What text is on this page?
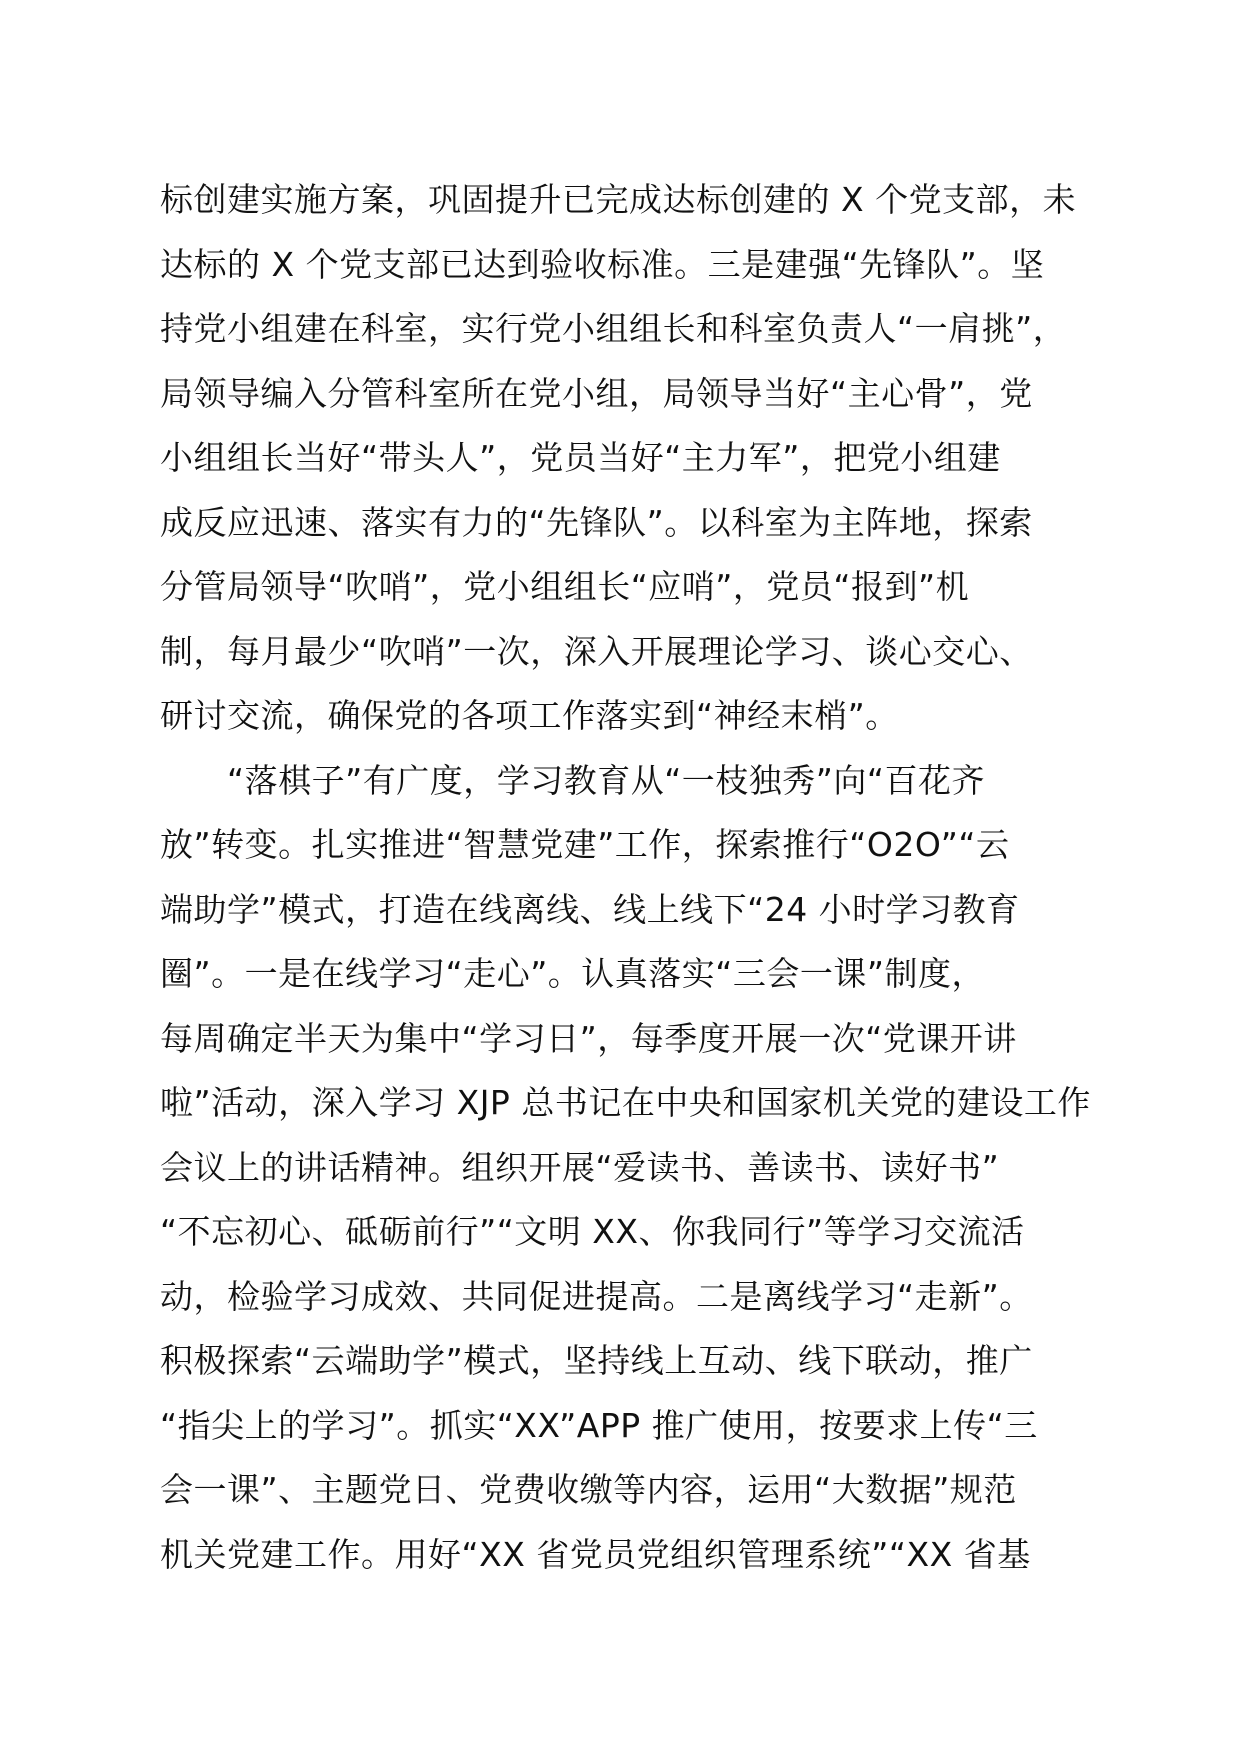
标创建实施方案，巩固提升已完成达标创建的 X 个党支部，未
达标的 X 个党支部已达到验收标准。三是建强“先锋队”。坚
持党小组建在科室，实行党小组组长和科室负责人“一肩挑”，
局领导编入分管科室所在党小组，局领导当好“主心骨”，党
小组组长当好“带头人”，党员当好“主力军”，把党小组建
成反应迅速、落实有力的“先锋队”。以科室为主阵地，探索
分管局领导“吹哨”，党小组组长“应哨”，党员“报到”机
制，每月最少“吹哨”一次，深入开展理论学习、谈心交心、
研讨交流，确保党的各项工作落实到“神经末梢”。
　　“落棋子”有广度，学习教育从“一枝独秀”向“百花齐
放”转变。扎实推进“智慧党建”工作，探索推行“O2O”“云
端助学”模式，打造在线离线、线上线下“24 小时学习教育
圈”。一是在线学习“走心”。认真落实“三会一课”制度，
每周确定半天为集中“学习日”，每季度开展一次“党课开讲
啦”活动，深入学习 XJP 总书记在中央和国家机关党的建设工作
会议上的讲话精神。组织开展“爱读书、善读书、读好书”
“不忘初心、砥砺前行”“文明 XX、你我同行”等学习交流活
动，检验学习成效、共同促进提高。二是离线学习“走新”。
积极探索“云端助学”模式，坚持线上互动、线下联动，推广
“指尖上的学习”。抓实“XX”APP 推广使用，按要求上传“三
会一课”、主题党日、党费收缴等内容，运用“大数据”规范
机关党建工作。用好“XX 省党员党组织管理系统”“XX 省基
